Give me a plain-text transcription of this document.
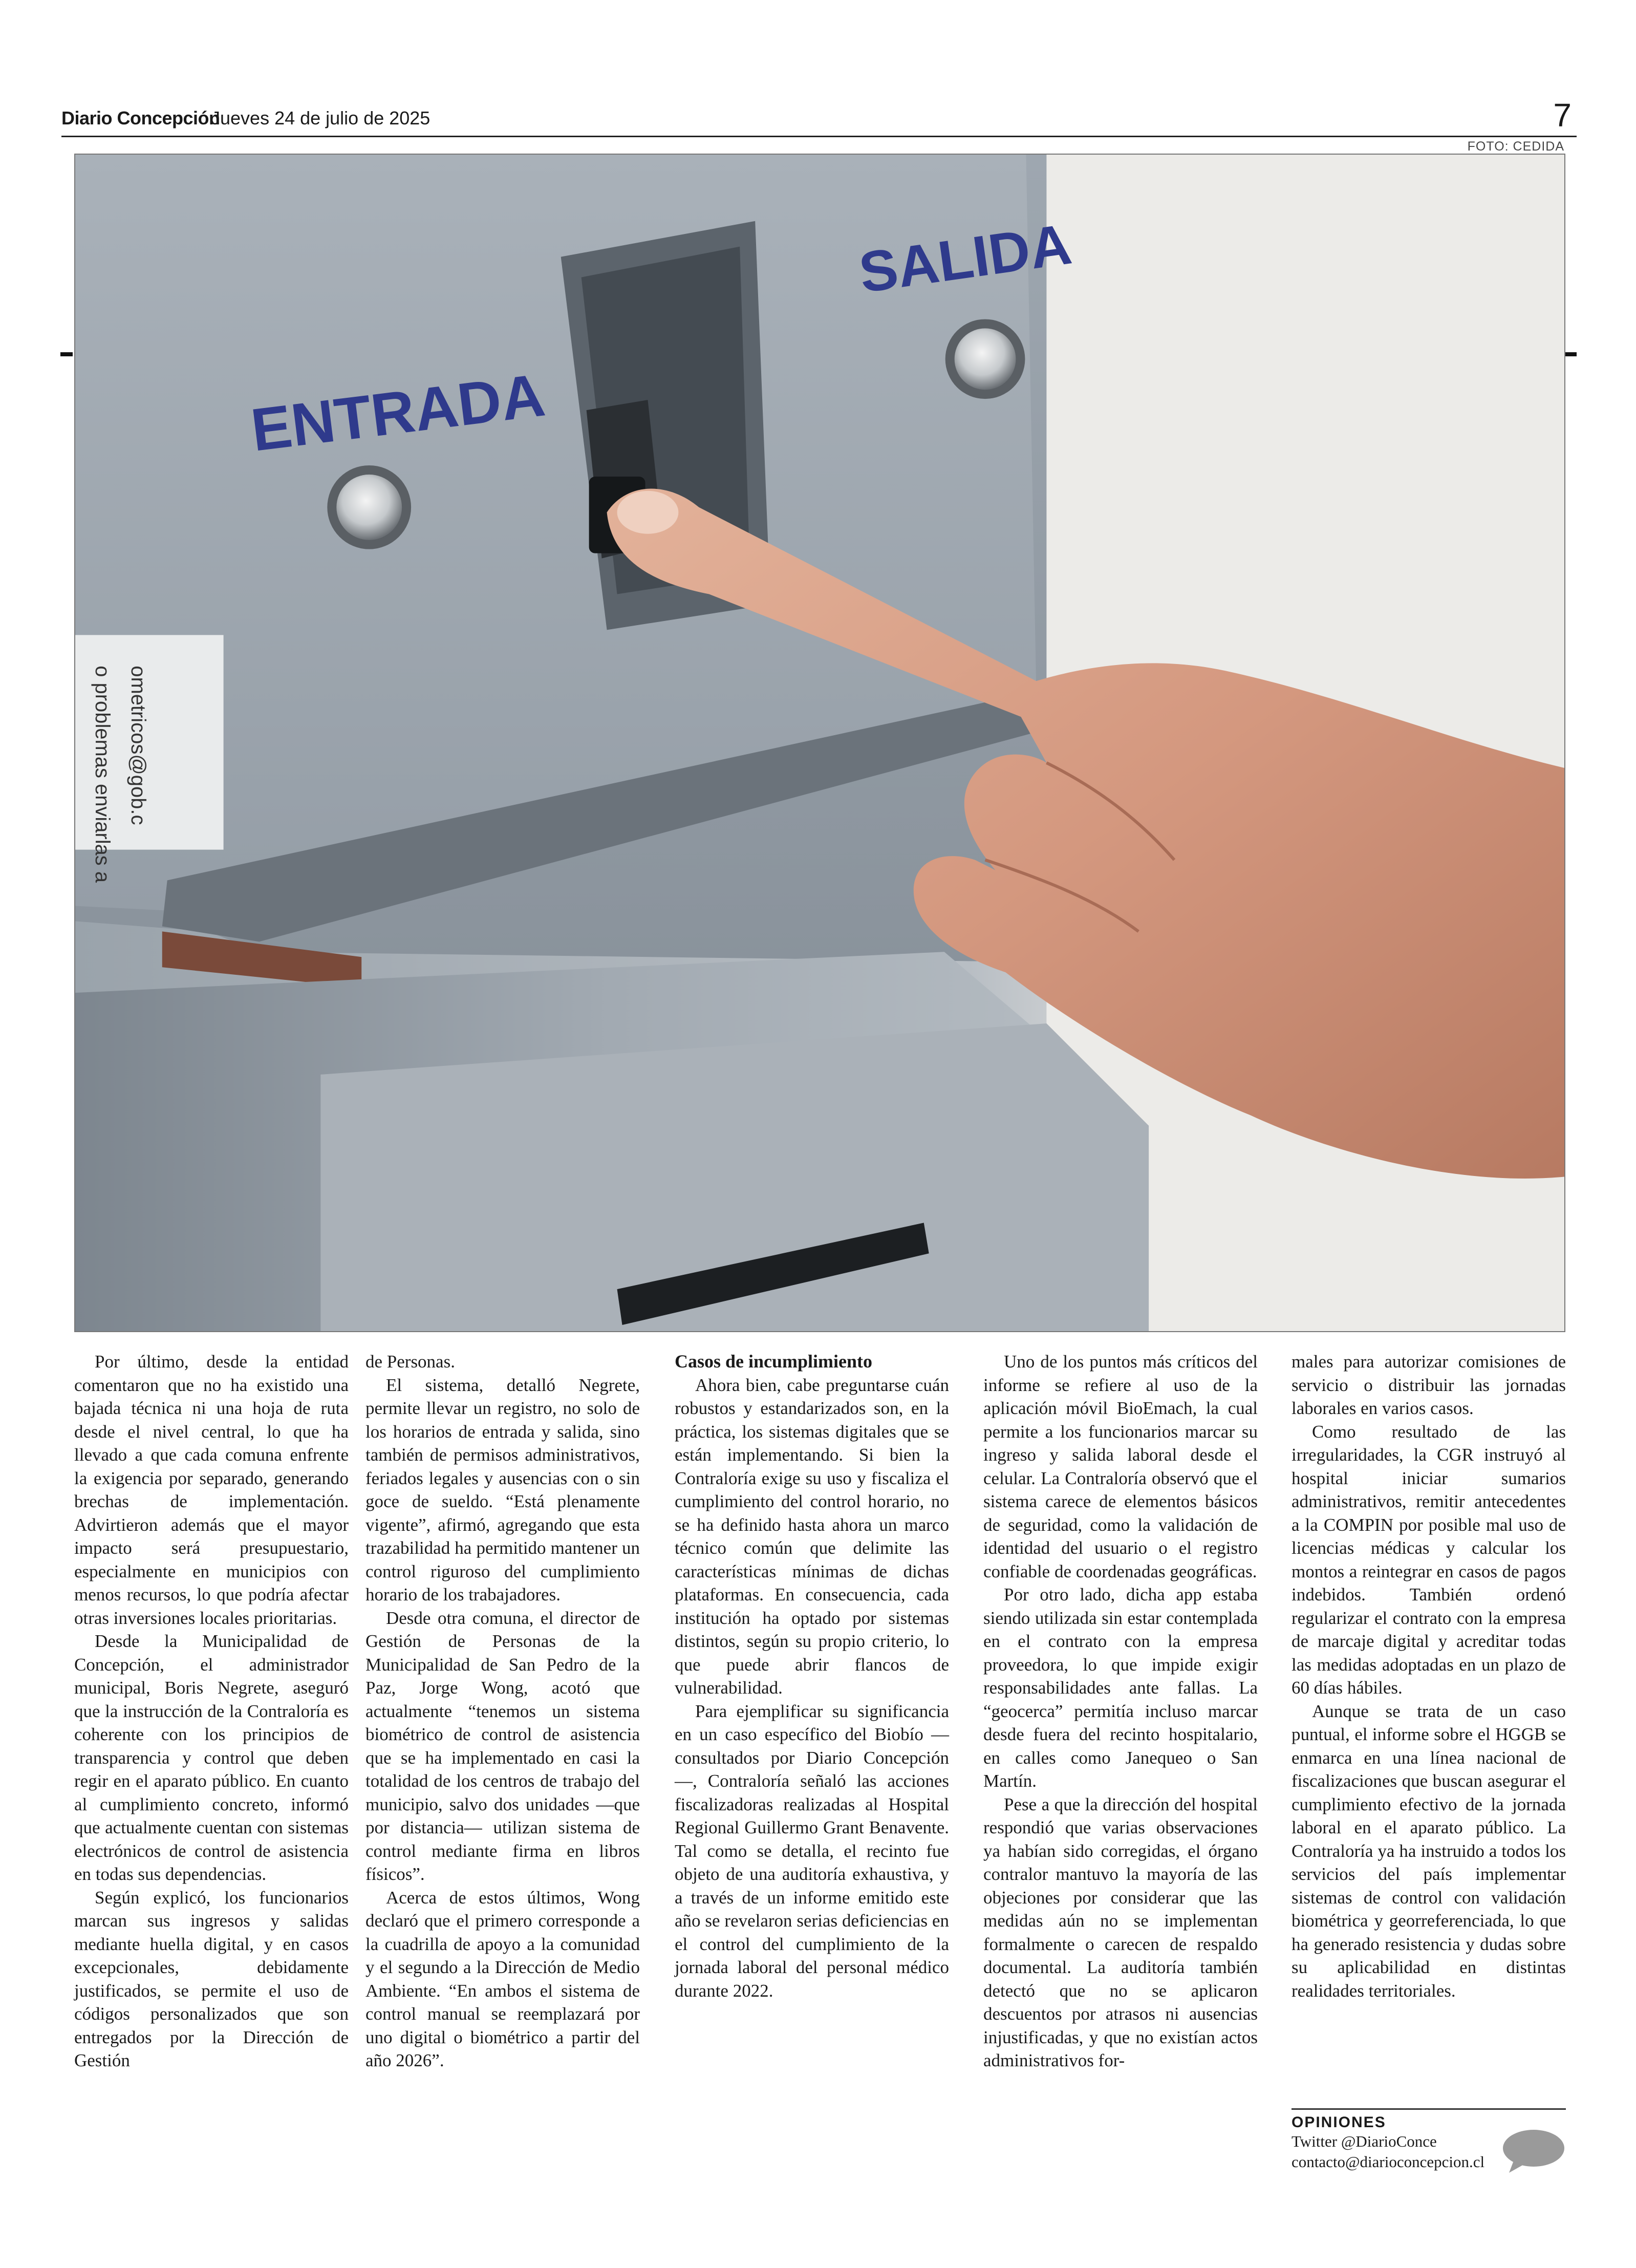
Diario Concepción
Jueves 24 de julio de 2025	7
FOTO: CEDIDA
ENTRADA
SALIDA
o problemas enviarlas a ometricos@gob.c

Por último, desde la entidad comentaron que no ha existido una bajada técnica ni una hoja de ruta desde el nivel central, lo que ha llevado a que cada comuna enfrente la exigencia por separado, generando brechas de implementación. Advirtieron además que el mayor impacto será presupuestario, especialmente en municipios con menos recursos, lo que podría afectar otras inversiones locales prioritarias.

Desde la Municipalidad de Concepción, el administrador municipal, Boris Negrete, aseguró que la instrucción de la Contraloría es coherente con los principios de transparencia y control que deben regir en el aparato público. En cuanto al cumplimiento concreto, informó que actualmente cuentan con sistemas electrónicos de control de asistencia en todas sus dependencias.

Según explicó, los funcionarios marcan sus ingresos y salidas mediante huella digital, y en casos excepcionales, debidamente justificados, se permite el uso de códigos personalizados que son entregados por la Dirección de Gestión

de Personas.

El sistema, detalló Negrete, permite llevar un registro, no solo de los horarios de entrada y salida, sino también de permisos administrativos, feriados legales y ausencias con o sin goce de sueldo. “Está plenamente vigente”, afirmó, agregando que esta trazabilidad ha permitido mantener un control riguroso del cumplimiento horario de los trabajadores.

Desde otra comuna, el director de Gestión de Personas de la Municipalidad de San Pedro de la Paz, Jorge Wong, acotó que actualmente “tenemos un sistema biométrico de control de asistencia que se ha implementado en casi la totalidad de los centros de trabajo del municipio, salvo dos unidades —que por distancia— utilizan sistema de control mediante firma en libros físicos”.

Acerca de estos últimos, Wong declaró que el primero corresponde a la cuadrilla de apoyo a la comunidad y el segundo a la Dirección de Medio Ambiente. “En ambos el sistema de control manual se reemplazará por uno digital o biométrico a partir del año 2026”.

Casos de incumplimiento

Ahora bien, cabe preguntarse cuán robustos y estandarizados son, en la práctica, los sistemas digitales que se están implementando. Si bien la Contraloría exige su uso y fiscaliza el cumplimiento del control horario, no se ha definido hasta ahora un marco técnico común que delimite las características mínimas de dichas plataformas. En consecuencia, cada institución ha optado por sistemas distintos, según su propio criterio, lo que puede abrir flancos de vulnerabilidad.

Para ejemplificar su significancia en un caso específico del Biobío —consultados por Diario Concepción—, Contraloría señaló las acciones fiscalizadoras realizadas al Hospital Regional Guillermo Grant Benavente. Tal como se detalla, el recinto fue objeto de una auditoría exhaustiva, y a través de un informe emitido este año se revelaron serias deficiencias en el control del cumplimiento de la jornada laboral del personal médico durante 2022.

Uno de los puntos más críticos del informe se refiere al uso de la aplicación móvil BioEmach, la cual permite a los funcionarios marcar su ingreso y salida laboral desde el celular. La Contraloría observó que el sistema carece de elementos básicos de seguridad, como la validación de identidad del usuario o el registro confiable de coordenadas geográficas.

Por otro lado, dicha app estaba siendo utilizada sin estar contemplada en el contrato con la empresa proveedora, lo que impide exigir responsabilidades ante fallas. La “geocerca” permitía incluso marcar desde fuera del recinto hospitalario, en calles como Janequeo o San Martín.

Pese a que la dirección del hospital respondió que varias observaciones ya habían sido corregidas, el órgano contralor mantuvo la mayoría de las objeciones por considerar que las medidas aún no se implementan formalmente o carecen de respaldo documental. La auditoría también detectó que no se aplicaron descuentos por atrasos ni ausencias injustificadas, y que no existían actos administrativos for-

males para autorizar comisiones de servicio o distribuir las jornadas laborales en varios casos.

Como resultado de las irregularidades, la CGR instruyó al hospital iniciar sumarios administrativos, remitir antecedentes a la COMPIN por posible mal uso de licencias médicas y calcular los montos a reintegrar en casos de pagos indebidos. También ordenó regularizar el contrato con la empresa de marcaje digital y acreditar todas las medidas adoptadas en un plazo de 60 días hábiles.

Aunque se trata de un caso puntual, el informe sobre el HGGB se enmarca en una línea nacional de fiscalizaciones que buscan asegurar el cumplimiento efectivo de la jornada laboral en el aparato público. La Contraloría ya ha instruido a todos los servicios del país implementar sistemas de control con validación biométrica y georreferenciada, lo que ha generado resistencia y dudas sobre su aplicabilidad en distintas realidades territoriales.

OPINIONES
Twitter @DiarioConce
contacto@diarioconcepcion.cl
